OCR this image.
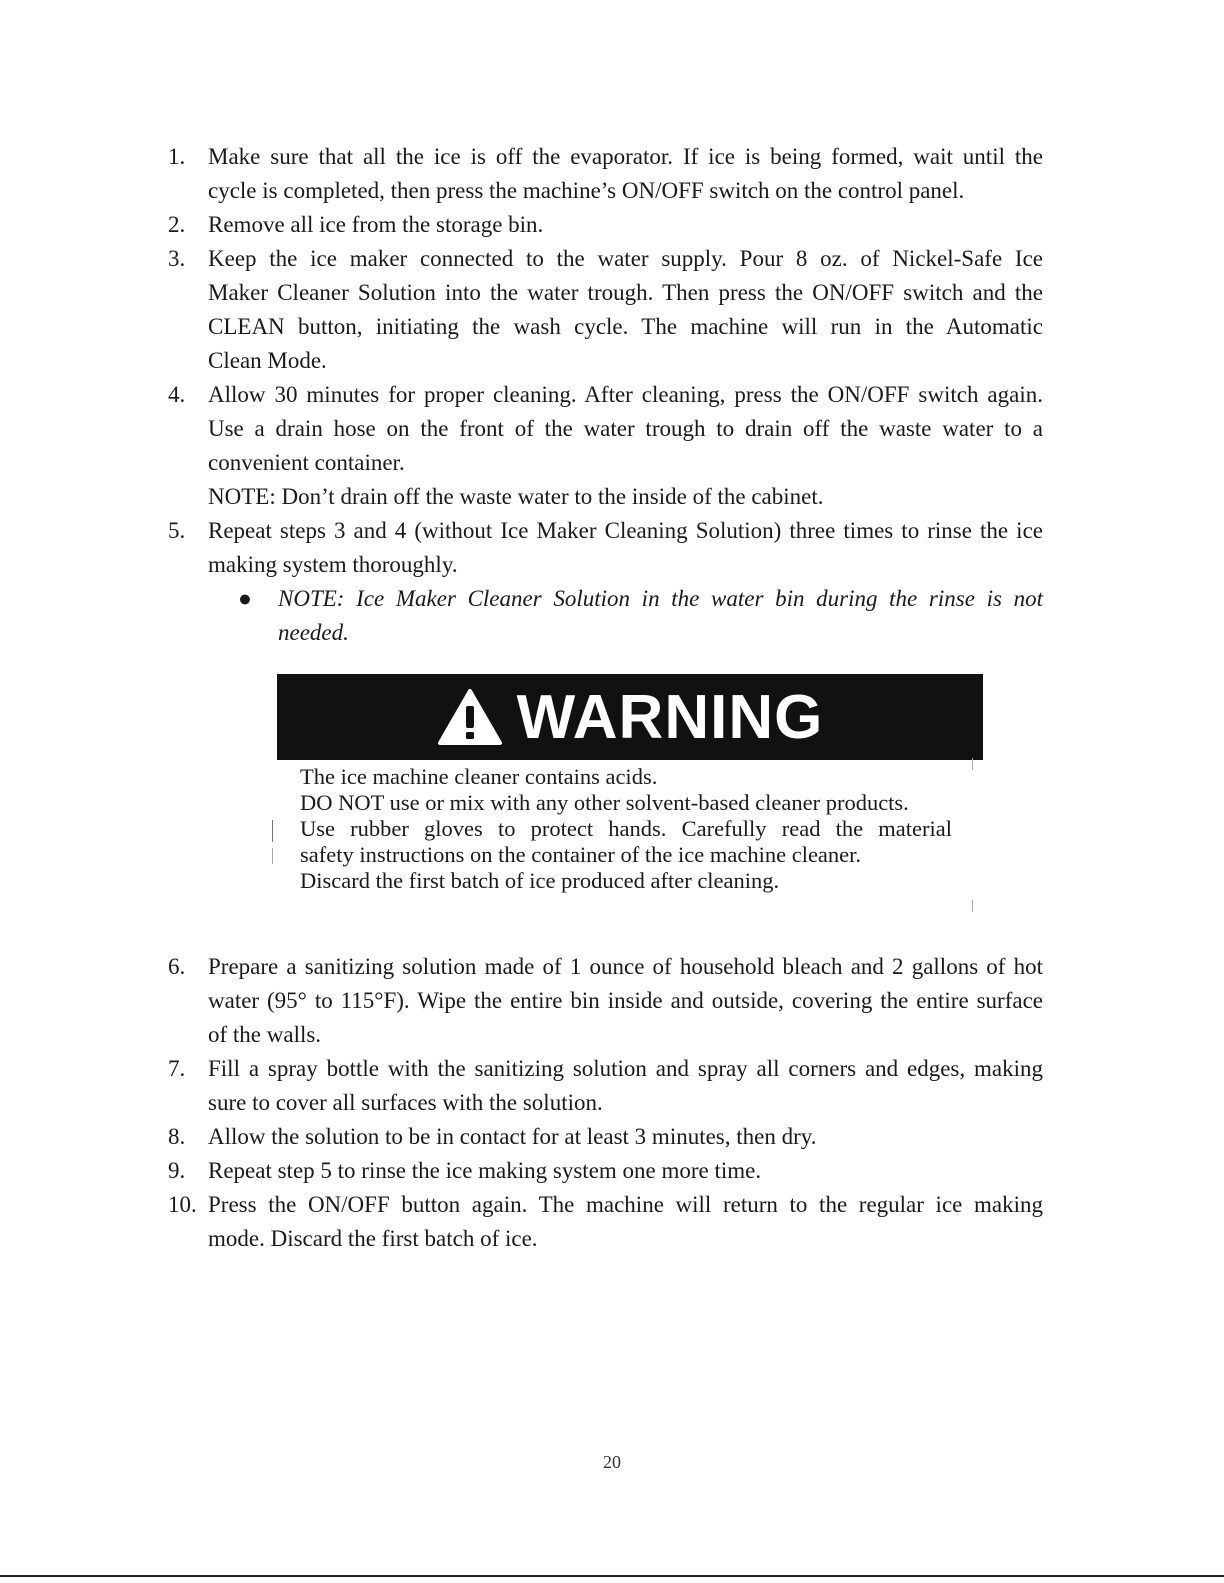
1. Make sure that all the ice is off the evaporator. If ice is being formed, wait until the
cycle is completed, then press the machine’s ON/OFF switch on the control panel.
2. Remove all ice from the storage bin.
3. Keep the ice maker connected to the water supply. Pour 8 oz. of Nickel-Safe Ice
Maker Cleaner Solution into the water trough. Then press the ON/OFF switch and the
CLEAN button, initiating the wash cycle. The machine will run in the Automatic
Clean Mode.
4. Allow 30 minutes for proper cleaning. After cleaning, press the ON/OFF switch again.
Use a drain hose on the front of the water trough to drain off the waste water to a
convenient container.
NOTE: Don’t drain off the waste water to the inside of the cabinet.
5. Repeat steps 3 and 4 (without Ice Maker Cleaning Solution) three times to rinse the ice
making system thoroughly.
● NOTE: Ice Maker Cleaner Solution in the water bin during the rinse is not
needed.
WARNING
The ice machine cleaner contains acids.
DO NOT use or mix with any other solvent-based cleaner products.
Use rubber gloves to protect hands. Carefully read the material
safety instructions on the container of the ice machine cleaner.
Discard the first batch of ice produced after cleaning.
6. Prepare a sanitizing solution made of 1 ounce of household bleach and 2 gallons of hot
water (95° to 115°F). Wipe the entire bin inside and outside, covering the entire surface
of the walls.
7. Fill a spray bottle with the sanitizing solution and spray all corners and edges, making
sure to cover all surfaces with the solution.
8. Allow the solution to be in contact for at least 3 minutes, then dry.
9. Repeat step 5 to rinse the ice making system one more time.
10. Press the ON/OFF button again. The machine will return to the regular ice making
mode. Discard the first batch of ice.
20
